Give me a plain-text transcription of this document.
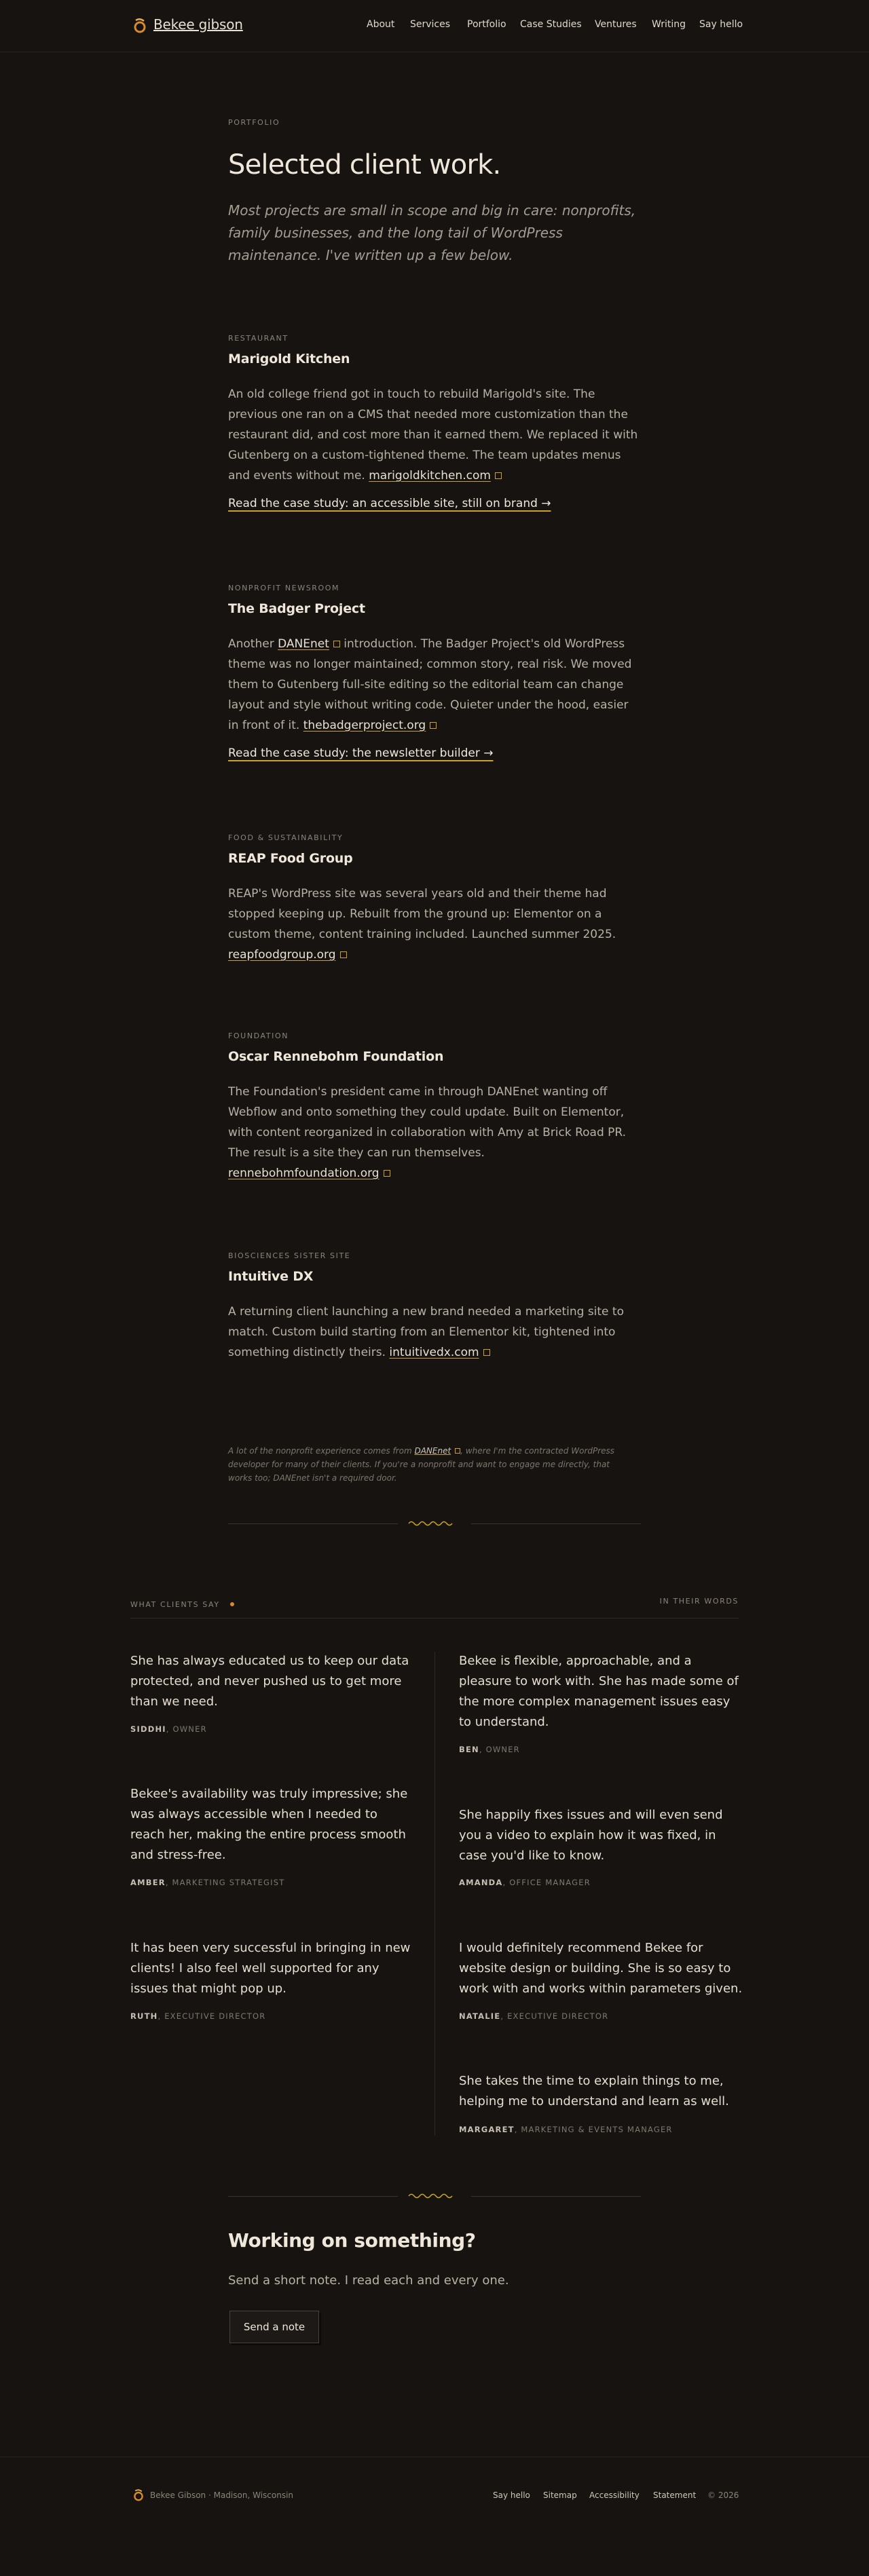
Bekee gibson	About Services Portfolio Case Studies Ventures Writing Say hello
PORTFOLIO
Selected client work.

Most projects are small in scope and big in care: nonprofits, family businesses, and the long tail of WordPress maintenance. I've written up a few below.

RESTAURANT
Marigold Kitchen

An old college friend got in touch to rebuild Marigold's site. The previous one ran on a CMS that needed more customization than the restaurant did, and cost more than it earned them. We replaced it with Gutenberg on a custom-tightened theme. The team updates menus and events without me. marigoldkitchen.com

Read the case study: an accessible site, still on brand →
NONPROFIT NEWSROOM
The Badger Project

Another DANEnet introduction. The Badger Project's old WordPress theme was no longer maintained; common story, real risk. We moved them to Gutenberg full-site editing so the editorial team can change layout and style without writing code. Quieter under the hood, easier in front of it. thebadgerproject.org

Read the case study: the newsletter builder →
FOOD & SUSTAINABILITY
REAP Food Group

REAP's WordPress site was several years old and their theme had stopped keeping up. Rebuilt from the ground up: Elementor on a custom theme, content training included. Launched summer 2025.
reapfoodgroup.org

FOUNDATION
Oscar Rennebohm Foundation

The Foundation's president came in through DANEnet wanting off Webflow and onto something they could update. Built on Elementor, with content reorganized in collaboration with Amy at Brick Road PR. The result is a site they can run themselves.
rennebohmfoundation.org

BIOSCIENCES SISTER SITE
Intuitive DX

A returning client launching a new brand needed a marketing site to match. Custom build starting from an Elementor kit, tightened into something distinctly theirs. intuitivedx.com

A lot of the nonprofit experience comes from DANEnet , where I'm the contracted WordPress developer for many of their clients. If you're a nonprofit and want to engage me directly, that works too; DANEnet isn't a required door.

WHAT CLIENTS SAY	IN THEIR WORDS

She has always educated us to keep our data protected, and never pushed us to get more than we need.

SIDDHI, OWNER

Bekee is flexible, approachable, and a pleasure to work with. She has made some of the more complex management issues easy to understand.

BEN, OWNER

Bekee's availability was truly impressive; she was always accessible when I needed to reach her, making the entire process smooth and stress-free.

AMBER, MARKETING STRATEGIST

She happily fixes issues and will even send you a video to explain how it was fixed, in case you'd like to know.

AMANDA, OFFICE MANAGER

It has been very successful in bringing in new clients! I also feel well supported for any issues that might pop up.

RUTH, EXECUTIVE DIRECTOR

I would definitely recommend Bekee for website design or building. She is so easy to work with and works within parameters given.

NATALIE, EXECUTIVE DIRECTOR

She takes the time to explain things to me, helping me to understand and learn as well.

MARGARET, MARKETING & EVENTS MANAGER
Working on something?

Send a short note. I read each and every one.

Send a note
Bekee Gibson · Madison, Wisconsin	Say hello Sitemap Accessibility Statement © 2026
